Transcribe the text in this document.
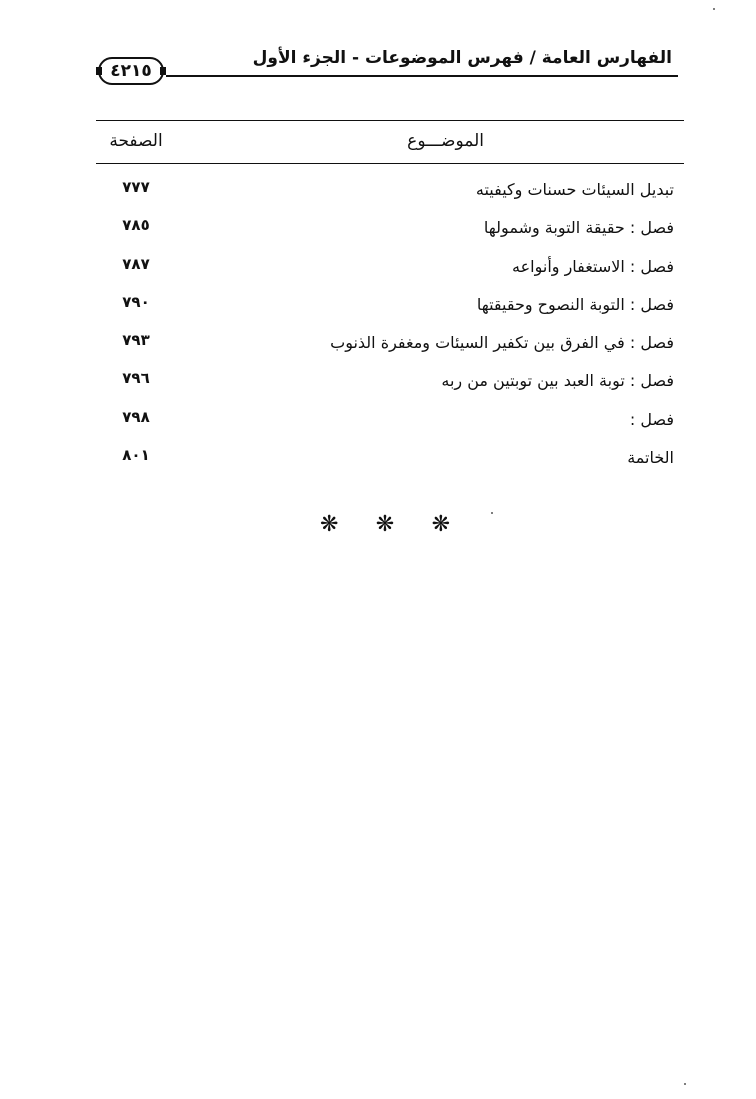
الفهارس العامة / فهرس الموضوعات - الجزء الأول
٤٢١٥
الموضـــوع
الصفحة
تبديل السيئات حسنات وكيفيته
٧٧٧
فصل : حقيقة التوبة وشمولها
٧٨٥
فصل : الاستغفار وأنواعه
٧٨٧
فصل : التوبة النصوح وحقيقتها
٧٩٠
فصل : في الفرق بين تكفير السيئات ومغفرة الذنوب
٧٩٣
فصل : توبة العبد بين توبتين من ربه
٧٩٦
فصل :
٧٩٨
الخاتمة
٨٠١
❋ ❋ ❋
